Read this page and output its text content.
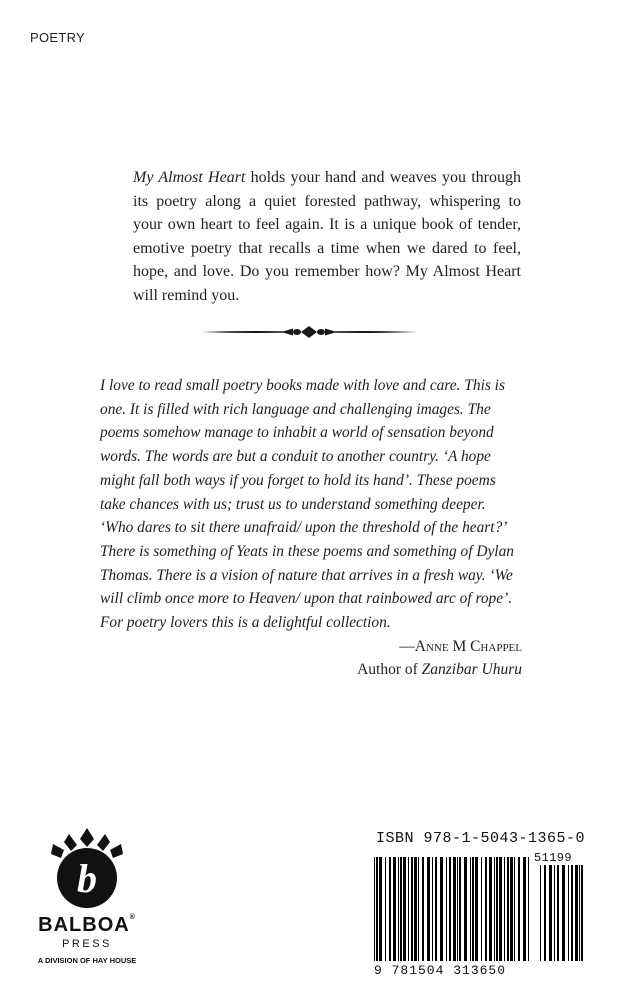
POETRY
My Almost Heart holds your hand and weaves you through its poetry along a quiet forested pathway, whispering to your own heart to feel again. It is a unique book of tender, emotive poetry that recalls a time when we dared to feel, hope, and love. Do you remember how? My Almost Heart will remind you.
I love to read small poetry books made with love and care. This is one. It is filled with rich language and challenging images. The poems somehow manage to inhabit a world of sensation beyond words. The words are but a conduit to another country. ‘A hope might fall both ways if you forget to hold its hand’. These poems take chances with us; trust us to understand something deeper. ‘Who dares to sit there unafraid/ upon the threshold of the heart?’ There is something of Yeats in these poems and something of Dylan Thomas. There is a vision of nature that arrives in a fresh way. ‘We will climb once more to Heaven/ upon that rainbowed arc of rope’. For poetry lovers this is a delightful collection.
—Anne M Chappel
Author of Zanzibar Uhuru
b
BALBOA®
PRESS
A DIVISION OF HAY HOUSE
ISBN 978-1-5043-1365-0
51199
9 781504 313650
